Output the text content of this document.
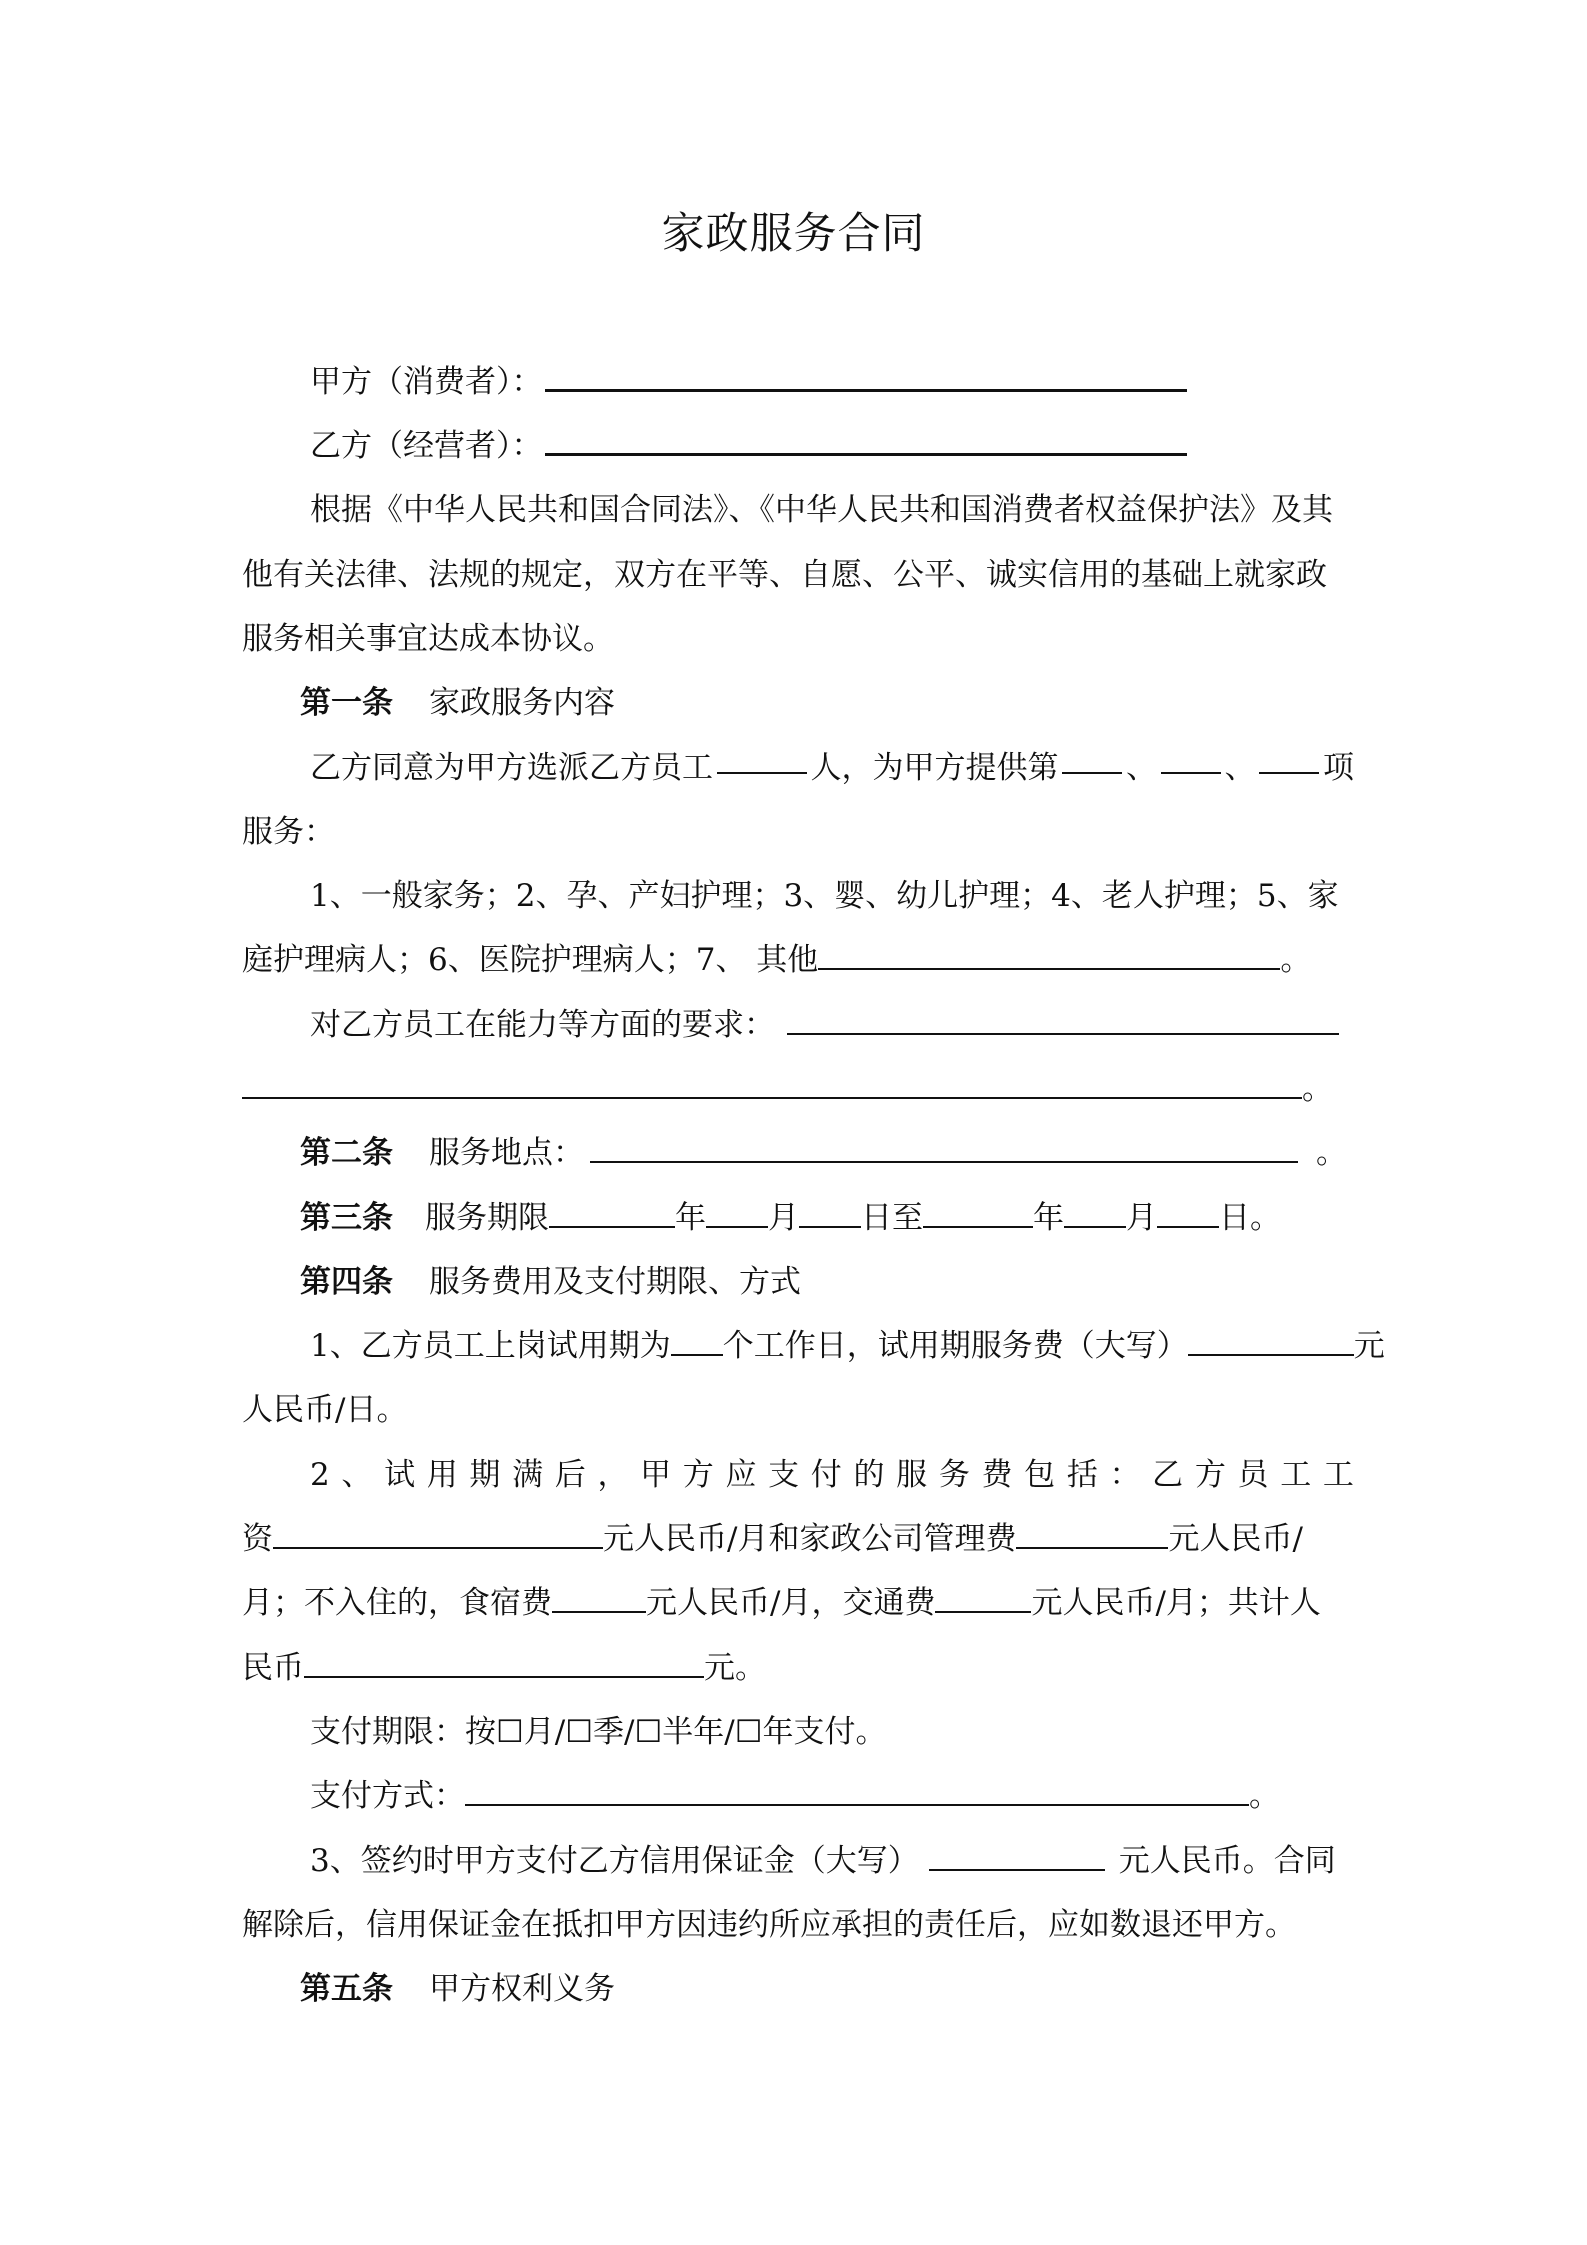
家政服务合同
甲方（消费者）：
乙方（经营者）：
根据《中华人民共和国合同法》、《中华人民共和国消费者权益保护法》及其
他有关法律、法规的规定，双方在平等、自愿、公平、诚实信用的基础上就家政
服务相关事宜达成本协议。
第一条 家政服务内容
乙方同意为甲方选派乙方员工	人，为甲方提供第 、 、 项
服务：
1、一般家务；2、孕、产妇护理；3、婴、幼儿护理；4、老人护理；5、家
庭护理病人；6、医院护理病人；7、 其他	。
对乙方员工在能力等方面的要求：
。
第二条 服务地点：	。
第三条 服务期限	年 月 日至	年 月 日。
第四条 服务费用及支付期限、方式
1、乙方员工上岗试用期为 个工作日，试用期服务费（大写）	元
人民币/日。
2 、 试 用 期 满 后 ， 甲 方 应 支 付 的 服 务 费 包 括 ： 乙 方 员 工 工
资	元人民币/月和家政公司管理费	元人民币/
月；不入住的，食宿费	元人民币/月，交通费	元人民币/月；共计人
民币	元。
支付期限：按☐月/☐季/☐半年/☐年支付。
支付方式：	。
3、签约时甲方支付乙方信用保证金（大写）	元人民币。合同
解除后，信用保证金在抵扣甲方因违约所应承担的责任后，应如数退还甲方。
第五条 甲方权利义务
